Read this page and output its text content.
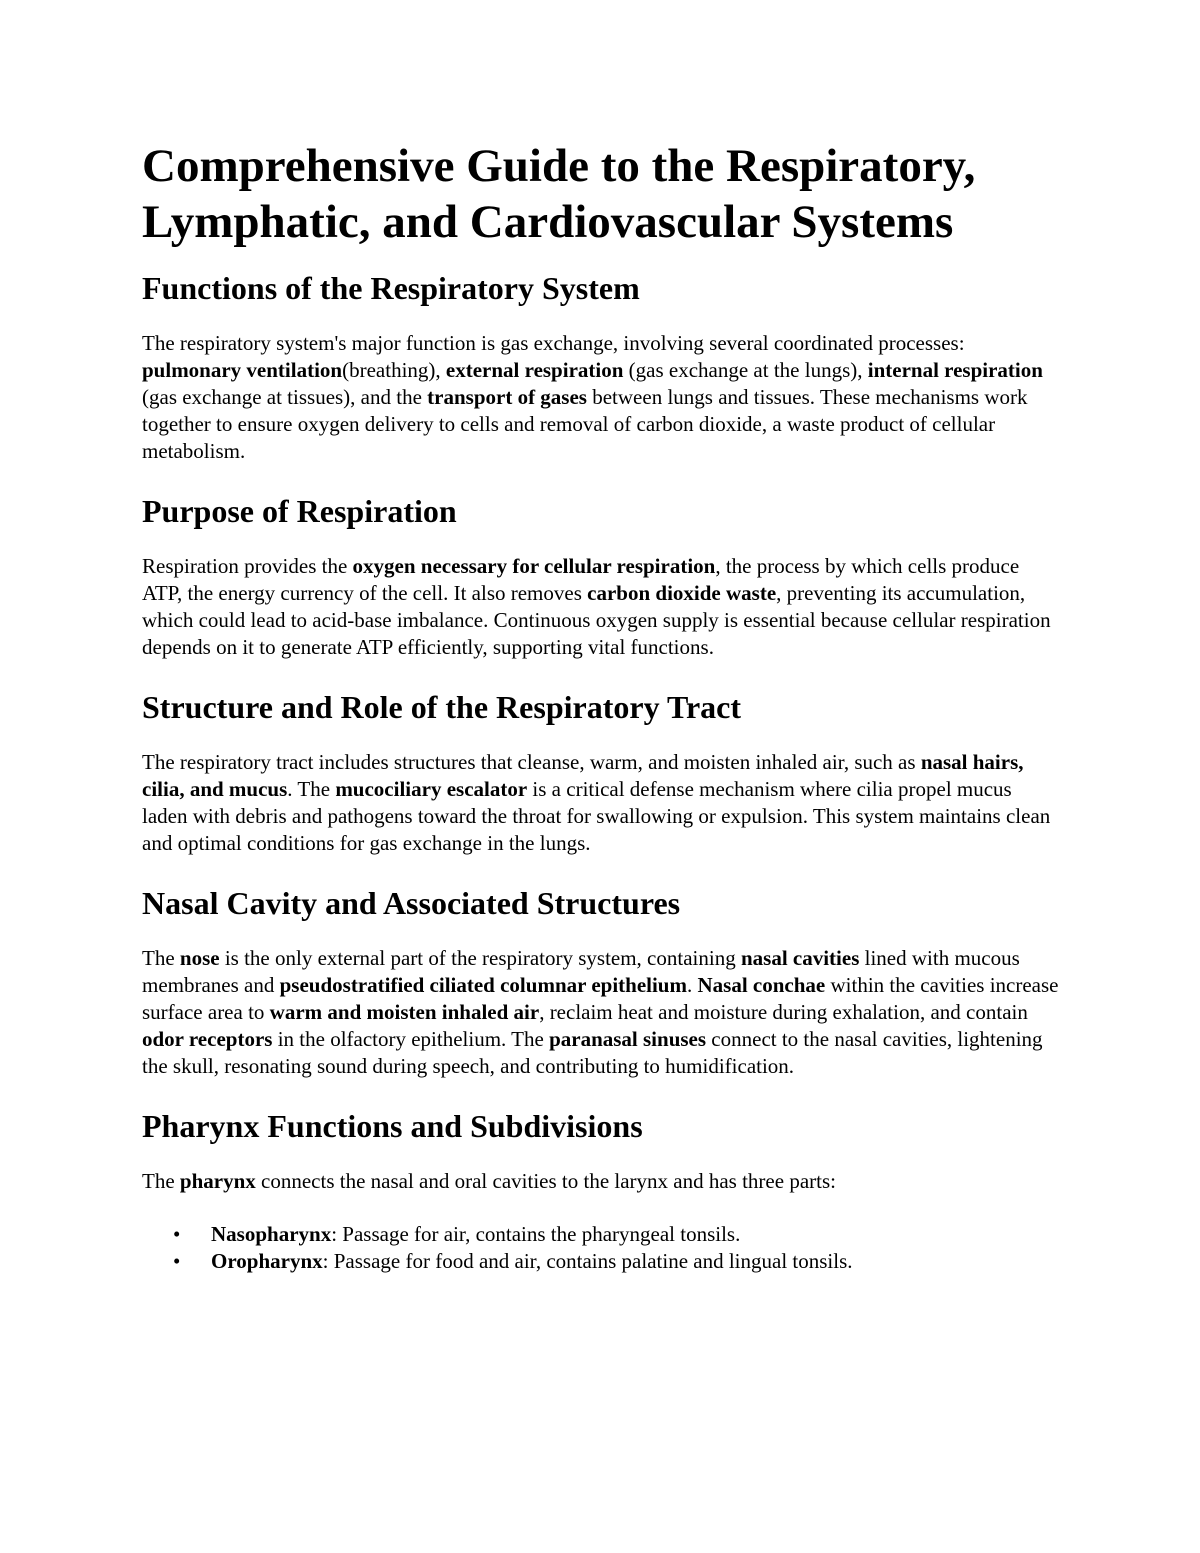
Comprehensive Guide to the Respiratory, Lymphatic, and Cardiovascular Systems
Functions of the Respiratory System

The respiratory system's major function is gas exchange, involving several coordinated processes: pulmonary ventilation(breathing), external respiration (gas exchange at the lungs), internal respiration (gas exchange at tissues), and the transport of gases between lungs and tissues. These mechanisms work together to ensure oxygen delivery to cells and removal of carbon dioxide, a waste product of cellular metabolism.

Purpose of Respiration

Respiration provides the oxygen necessary for cellular respiration, the process by which cells produce ATP, the energy currency of the cell. It also removes carbon dioxide waste, preventing its accumulation, which could lead to acid-base imbalance. Continuous oxygen supply is essential because cellular respiration depends on it to generate ATP efficiently, supporting vital functions.

Structure and Role of the Respiratory Tract

The respiratory tract includes structures that cleanse, warm, and moisten inhaled air, such as nasal hairs, cilia, and mucus. The mucociliary escalator is a critical defense mechanism where cilia propel mucus laden with debris and pathogens toward the throat for swallowing or expulsion. This system maintains clean and optimal conditions for gas exchange in the lungs.

Nasal Cavity and Associated Structures

The nose is the only external part of the respiratory system, containing nasal cavities lined with mucous membranes and pseudostratified ciliated columnar epithelium. Nasal conchae within the cavities increase surface area to warm and moisten inhaled air, reclaim heat and moisture during exhalation, and contain odor receptors in the olfactory epithelium. The paranasal sinuses connect to the nasal cavities, lightening the skull, resonating sound during speech, and contributing to humidification.

Pharynx Functions and Subdivisions

The pharynx connects the nasal and oral cavities to the larynx and has three parts:

• Nasopharynx: Passage for air, contains the pharyngeal tonsils.
• Oropharynx: Passage for food and air, contains palatine and lingual tonsils.
